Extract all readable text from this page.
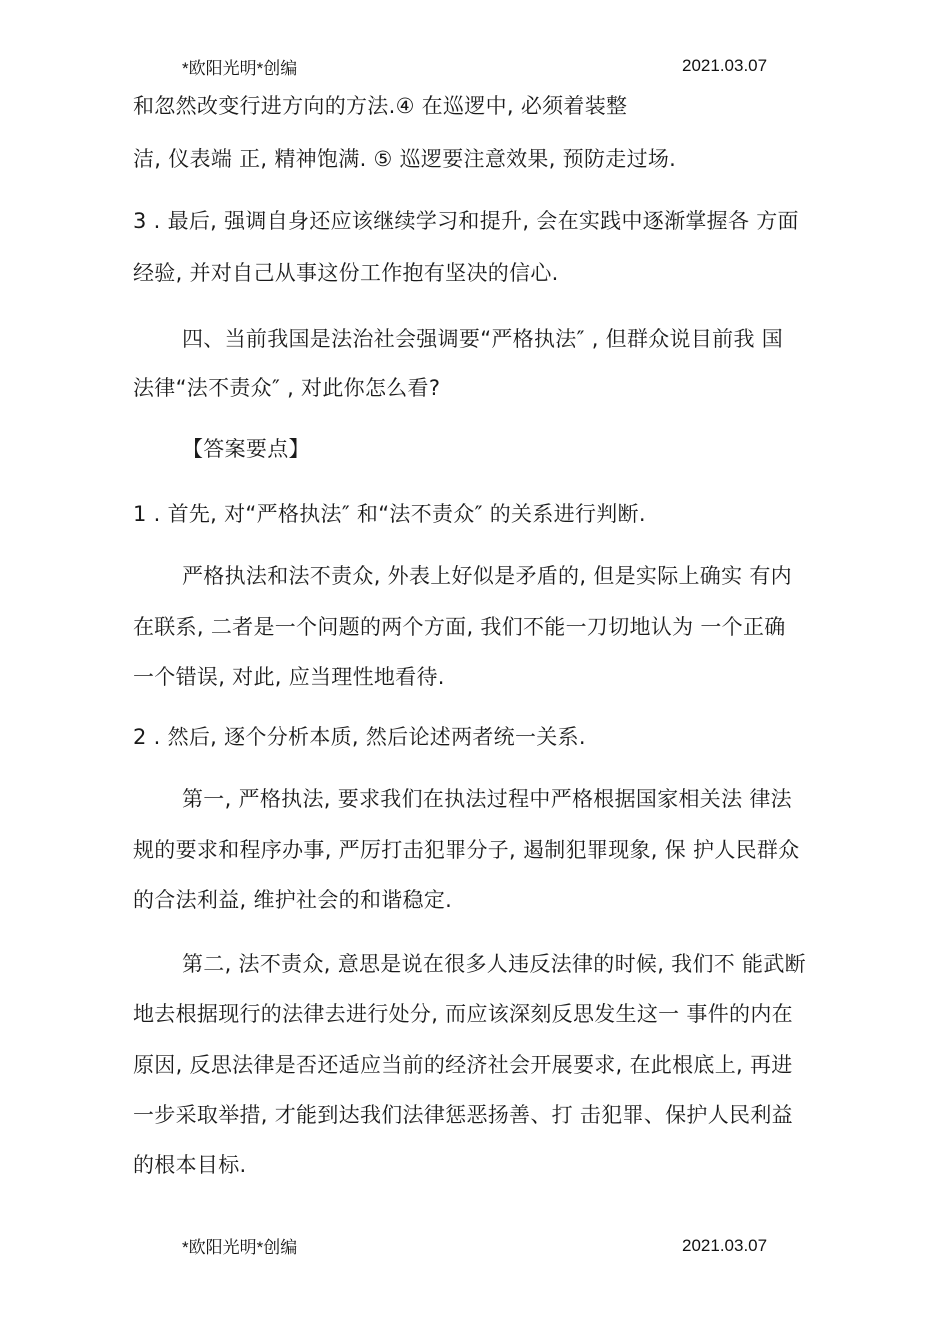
*欧阳光明*创编	2021.03.07
和忽然改变行进方向的方法.④ 在巡逻中, 必须着装整
洁, 仪表端 正, 精神饱满. ⑤ 巡逻要注意效果, 预防走过场.
3 . 最后, 强调自身还应该继续学习和提升, 会在实践中逐渐掌握各 方面
经验, 并对自己从事这份工作抱有坚决的信心.
四、当前我国是法治社会强调要“严格执法″ , 但群众说目前我 国
法律“法不责众″ , 对此你怎么看?
【答案要点】
1 . 首先, 对“严格执法″ 和“法不责众″ 的关系进行判断.
严格执法和法不责众, 外表上好似是矛盾的, 但是实际上确实 有内
在联系, 二者是一个问题的两个方面, 我们不能一刀切地认为 一个正确
一个错误, 对此, 应当理性地看待.
2 . 然后, 逐个分析本质, 然后论述两者统一关系.
第一, 严格执法, 要求我们在执法过程中严格根据国家相关法 律法
规的要求和程序办事, 严厉打击犯罪分子, 遏制犯罪现象, 保 护人民群众
的合法利益, 维护社会的和谐稳定.
第二, 法不责众, 意思是说在很多人违反法律的时候, 我们不 能武断
地去根据现行的法律去进行处分, 而应该深刻反思发生这一 事件的内在
原因, 反思法律是否还适应当前的经济社会开展要求, 在此根底上, 再进
一步采取举措, 才能到达我们法律惩恶扬善、打 击犯罪、保护人民利益
的根本目标.
*欧阳光明*创编	2021.03.07
